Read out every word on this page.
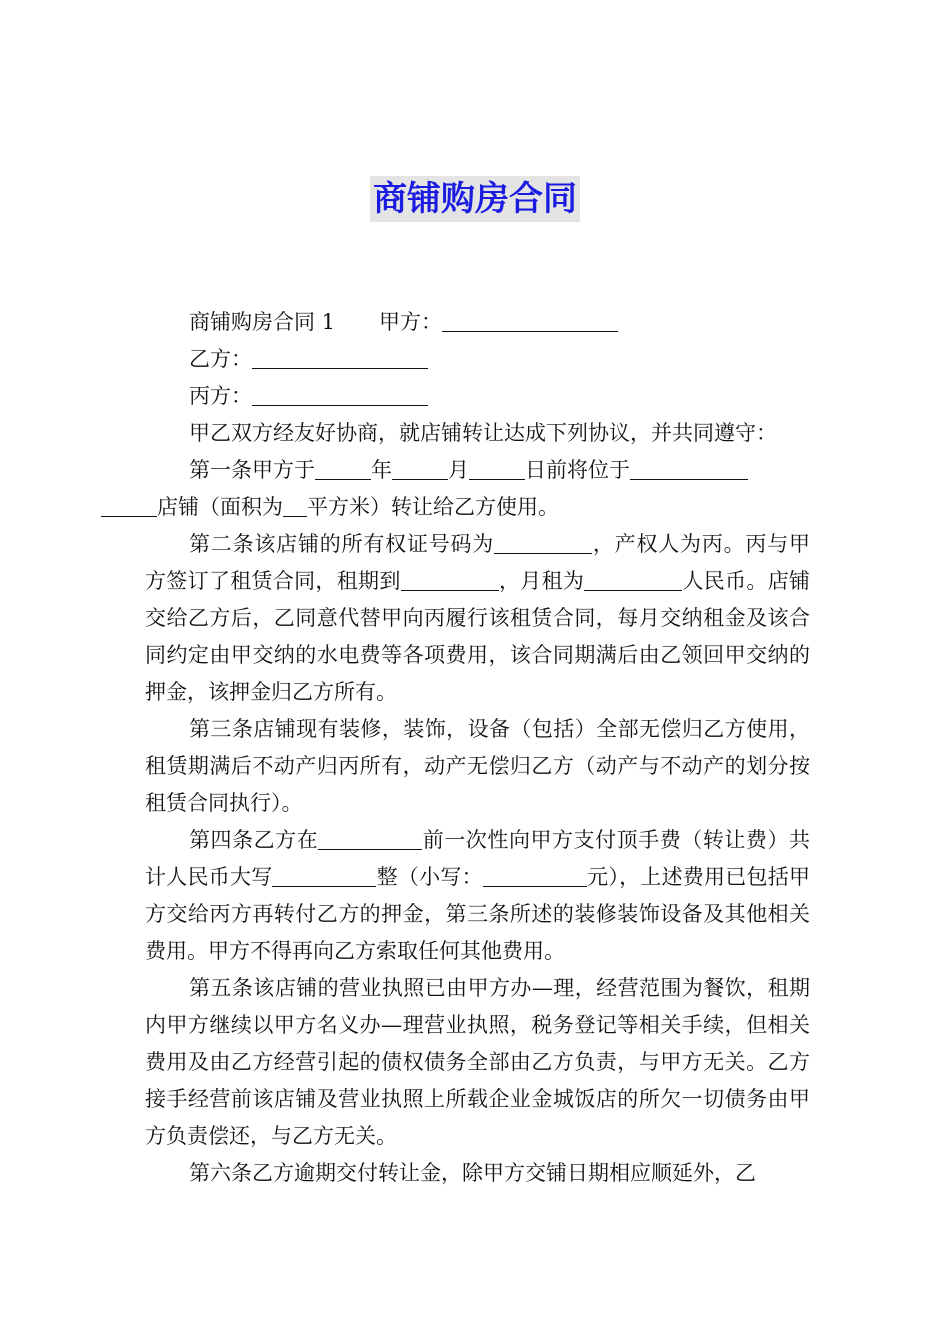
商铺购房合同
商铺购房合同 1 甲方：
乙方：
丙方：

甲乙双方经友好协商，就店铺转让达成下列协议，并共同遵守：

第一条甲方于	年	月	日前将位于
店铺（面积为 平方米）转让给乙方使用。

第二条该店铺的所有权证号码为	，产权人为丙。丙与甲方签订了租赁合同，租期到	，月租为	人民币。店铺交给乙方后，乙同意代替甲向丙履行该租赁合同，每月交纳租金及该合同约定由甲交纳的水电费等各项费用，该合同期满后由乙领回甲交纳的押金，该押金归乙方所有。

第三条店铺现有装修，装饰，设备（包括）全部无偿归乙方使用，租赁期满后不动产归丙所有，动产无偿归乙方（动产与不动产的划分按租赁合同执行）。

第四条乙方在	前一次性向甲方支付顶手费（转让费）共计人民币大写	整（小写：	元），上述费用已包括甲方交给丙方再转付乙方的押金，第三条所述的装修装饰设备及其他相关费用。甲方不得再向乙方索取任何其他费用。

第五条该店铺的营业执照已由甲方办—理，经营范围为餐饮，租期内甲方继续以甲方名义办—理营业执照，税务登记等相关手续，但相关费用及由乙方经营引起的债权债务全部由乙方负责，与甲方无关。乙方接手经营前该店铺及营业执照上所载企业金城饭店的所欠一切债务由甲方负责偿还，与乙方无关。

第六条乙方逾期交付转让金，除甲方交铺日期相应顺延外，乙
